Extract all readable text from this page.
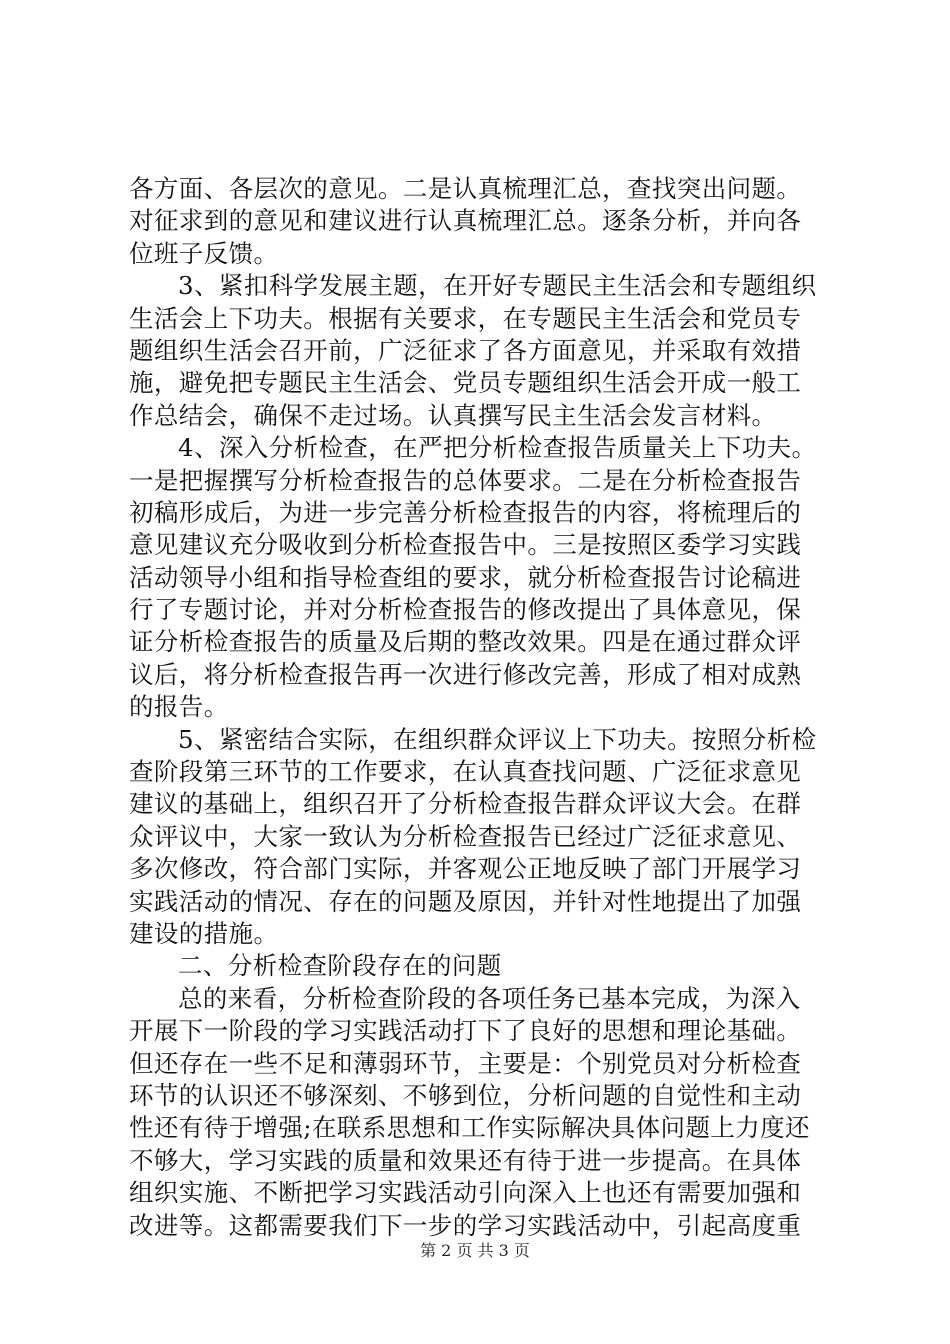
各方面、各层次的意见。二是认真梳理汇总，查找突出问题。
对征求到的意见和建议进行认真梳理汇总。逐条分析，并向各
位班子反馈。
3、紧扣科学发展主题，在开好专题民主生活会和专题组织
生活会上下功夫。根据有关要求，在专题民主生活会和党员专
题组织生活会召开前，广泛征求了各方面意见，并采取有效措
施，避免把专题民主生活会、党员专题组织生活会开成一般工
作总结会，确保不走过场。认真撰写民主生活会发言材料。
4、深入分析检查，在严把分析检查报告质量关上下功夫。
一是把握撰写分析检查报告的总体要求。二是在分析检查报告
初稿形成后，为进一步完善分析检查报告的内容，将梳理后的
意见建议充分吸收到分析检查报告中。三是按照区委学习实践
活动领导小组和指导检查组的要求，就分析检查报告讨论稿进
行了专题讨论，并对分析检查报告的修改提出了具体意见，保
证分析检查报告的质量及后期的整改效果。四是在通过群众评
议后，将分析检查报告再一次进行修改完善，形成了相对成熟
的报告。
5、紧密结合实际，在组织群众评议上下功夫。按照分析检
查阶段第三环节的工作要求，在认真查找问题、广泛征求意见
建议的基础上，组织召开了分析检查报告群众评议大会。在群
众评议中，大家一致认为分析检查报告已经过广泛征求意见、
多次修改，符合部门实际，并客观公正地反映了部门开展学习
实践活动的情况、存在的问题及原因，并针对性地提出了加强
建设的措施。
二、分析检查阶段存在的问题
总的来看，分析检查阶段的各项任务已基本完成，为深入
开展下一阶段的学习实践活动打下了良好的思想和理论基础。
但还存在一些不足和薄弱环节，主要是：个别党员对分析检查
环节的认识还不够深刻、不够到位，分析问题的自觉性和主动
性还有待于增强;在联系思想和工作实际解决具体问题上力度还
不够大，学习实践的质量和效果还有待于进一步提高。在具体
组织实施、不断把学习实践活动引向深入上也还有需要加强和
改进等。这都需要我们下一步的学习实践活动中，引起高度重
第 2 页 共 3 页
